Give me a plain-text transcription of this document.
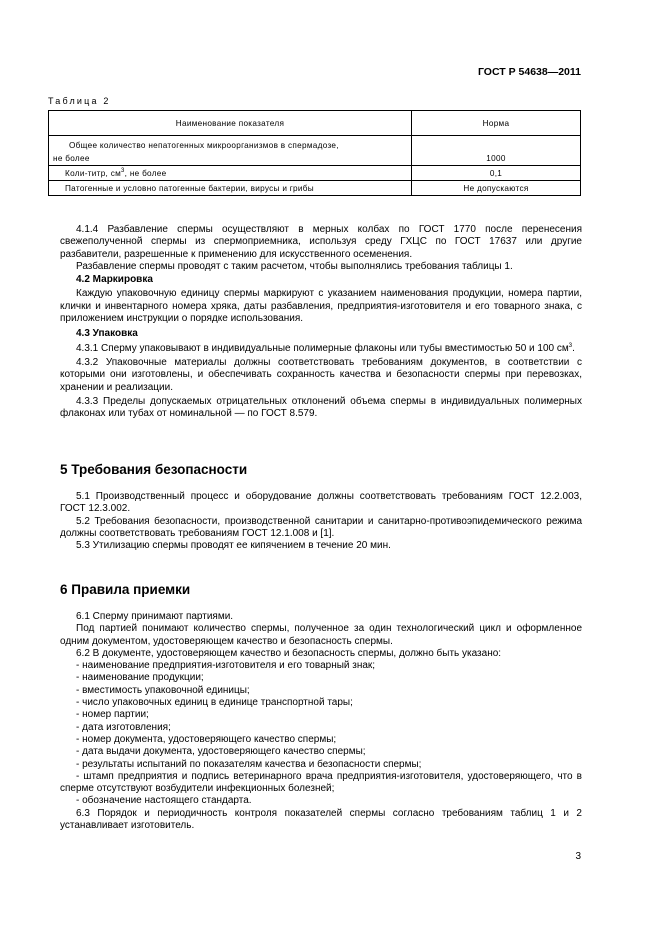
ГОСТ Р 54638—2011
Таблица 2
Наименование показателя	Норма

Общее количество непатогенных микроорганизмов в спермадозе,
не более	1000
Коли-титр, $см^3$, не более	0,1
Патогенные и условно патогенные бактерии, вирусы и грибы	Не допускаются

4.1.4 Разбавление спермы осуществляют в мерных колбах по ГОСТ 1770 после перенесения свежеполученной спермы из спермоприемника, используя среду ГХЦС по ГОСТ 17637 или другие разбавители, разрешенные к применению для искусственного осеменения.

Разбавление спермы проводят с таким расчетом, чтобы выполнялись требования таблицы 1.

4.2 Маркировка

Каждую упаковочную единицу спермы маркируют с указанием наименования продукции, номера партии, клички и инвентарного номера хряка, даты разбавления, предприятия-изготовителя и его товарного знака, с приложением инструкции о порядке использования.

4.3 Упаковка

4.3.1 Сперму упаковывают в индивидуальные полимерные флаконы или тубы вместимостью 50 и 100 $см^3$.

4.3.2 Упаковочные материалы должны соответствовать требованиям документов, в соответствии с которыми они изготовлены, и обеспечивать сохранность качества и безопасности спермы при перевозках, хранении и реализации.

4.3.3 Пределы допускаемых отрицательных отклонений объема спермы в индивидуальных полимерных флаконах или тубах от номинальной — по ГОСТ 8.579.

5 Требования безопасности

5.1 Производственный процесс и оборудование должны соответствовать требованиям ГОСТ 12.2.003, ГОСТ 12.3.002.

5.2 Требования безопасности, производственной санитарии и санитарно-противоэпидемического режима должны соответствовать требованиям ГОСТ 12.1.008 и [1].

5.3 Утилизацию спермы проводят ее кипячением в течение 20 мин.

6 Правила приемки

6.1 Сперму принимают партиями.

Под партией понимают количество спермы, полученное за один технологический цикл и оформленное одним документом, удостоверяющем качество и безопасность спермы.

6.2 В документе, удостоверяющем качество и безопасность спермы, должно быть указано:

- наименование предприятия-изготовителя и его товарный знак;

- наименование продукции;

- вместимость упаковочной единицы;

- число упаковочных единиц в единице транспортной тары;

- номер партии;

- дата изготовления;

- номер документа, удостоверяющего качество спермы;

- дата выдачи документа, удостоверяющего качество спермы;

- результаты испытаний по показателям качества и безопасности спермы;

- штамп предприятия и подпись ветеринарного врача предприятия-изготовителя, удостоверяющего, что в сперме отсутствуют возбудители инфекционных болезней;

- обозначение настоящего стандарта.

6.3 Порядок и периодичность контроля показателей спермы согласно требованиям таблиц 1 и 2 устанавливает изготовитель.

3
